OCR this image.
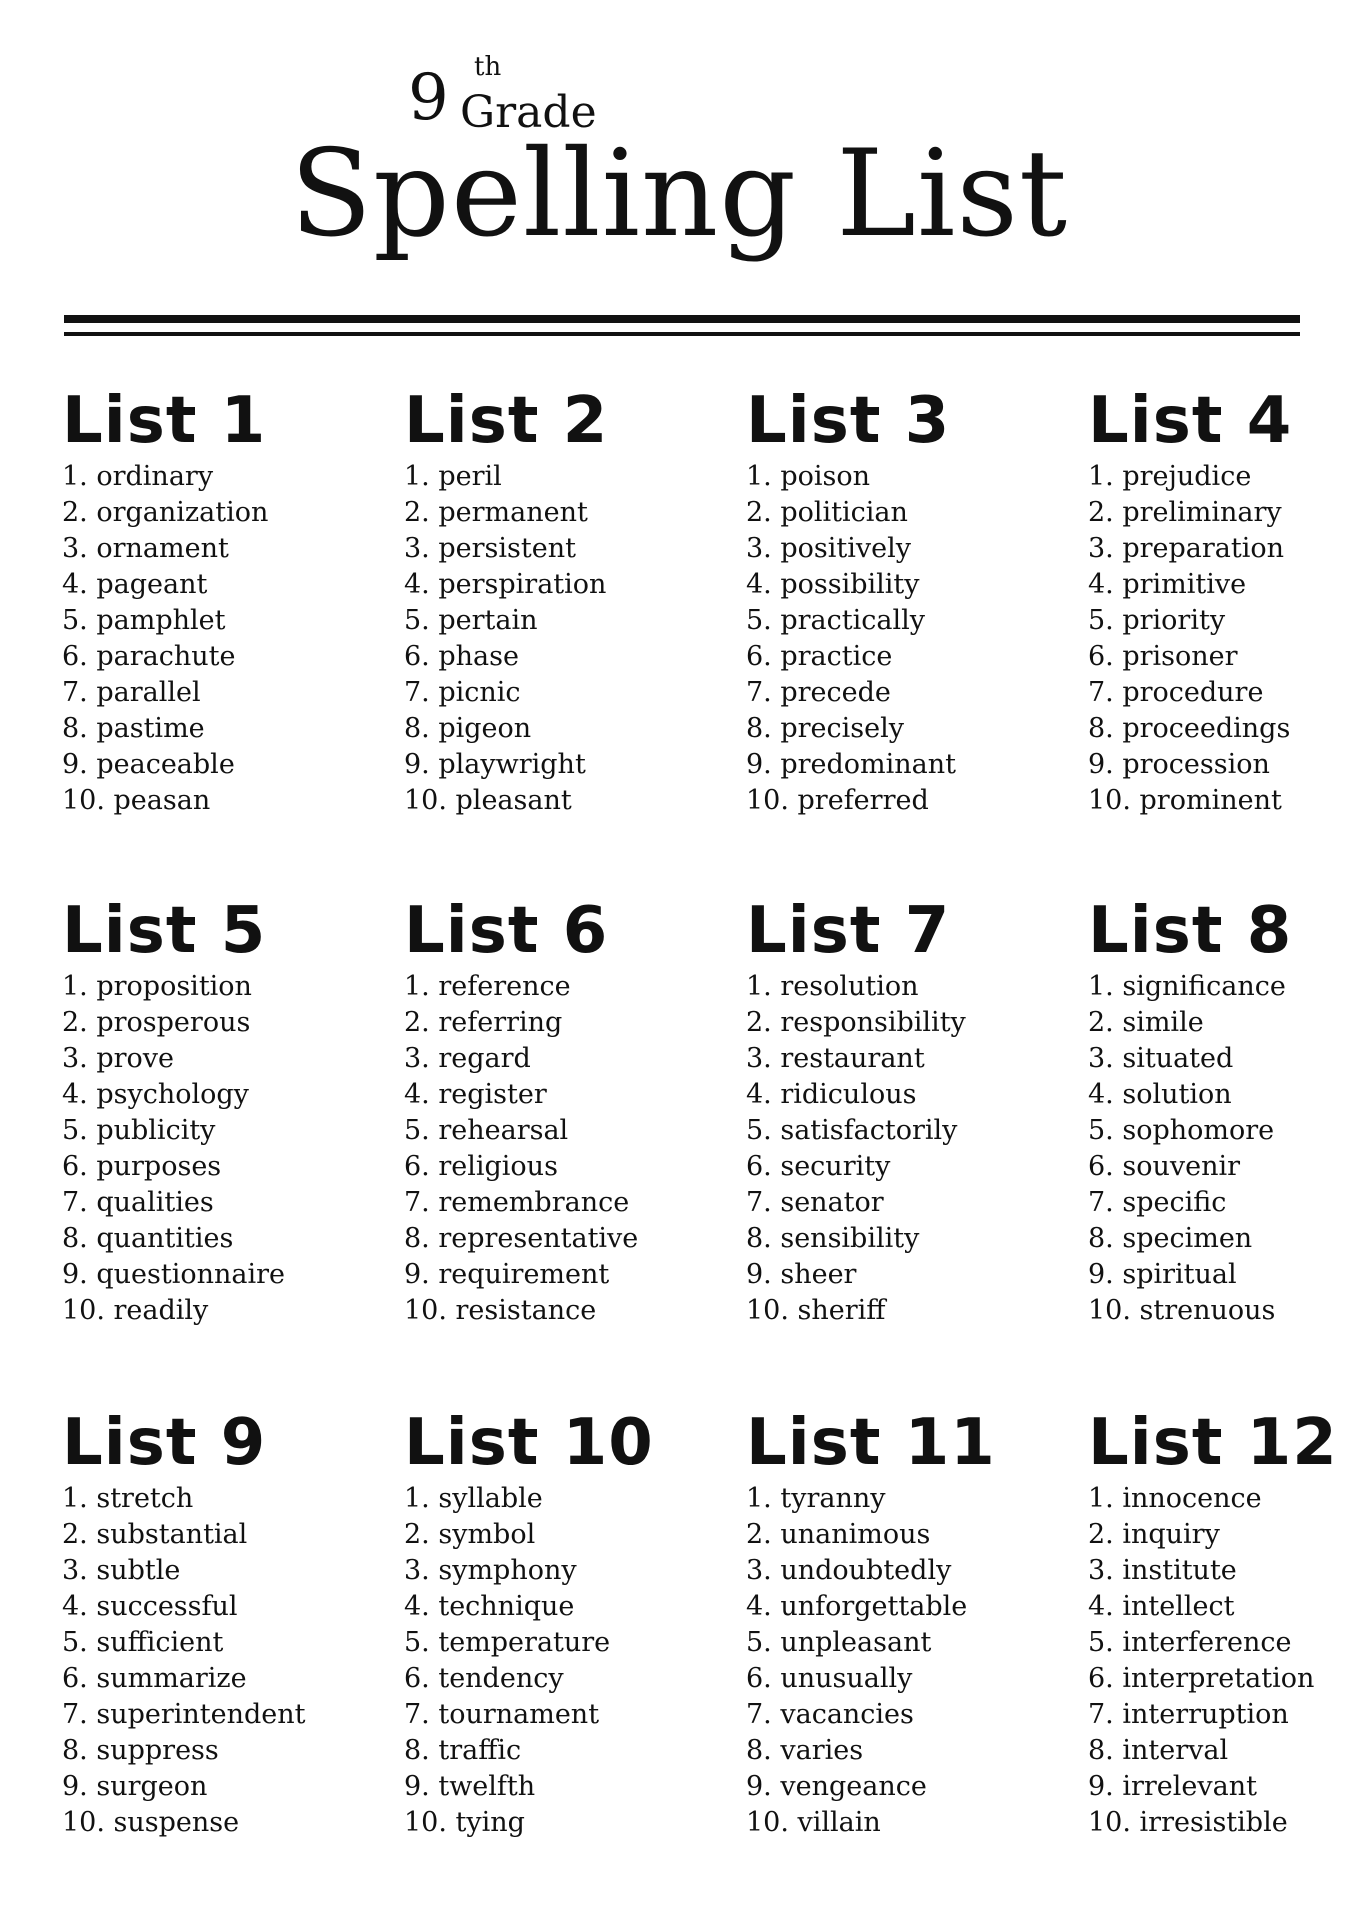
9 th
Grade
Spelling List
List 1
1. ordinary
2. organization
3. ornament
4. pageant
5. pamphlet
6. parachute
7. parallel
8. pastime
9. peaceable
10. peasan
List 2
1. peril
2. permanent
3. persistent
4. perspiration
5. pertain
6. phase
7. picnic
8. pigeon
9. playwright
10. pleasant
List 3
1. poison
2. politician
3. positively
4. possibility
5. practically
6. practice
7. precede
8. precisely
9. predominant
10. preferred
List 4
1. prejudice
2. preliminary
3. preparation
4. primitive
5. priority
6. prisoner
7. procedure
8. proceedings
9. procession
10. prominent
List 5
1. proposition
2. prosperous
3. prove
4. psychology
5. publicity
6. purposes
7. qualities
8. quantities
9. questionnaire
10. readily
List 6
1. reference
2. referring
3. regard
4. register
5. rehearsal
6. religious
7. remembrance
8. representative
9. requirement
10. resistance
List 7
1. resolution
2. responsibility
3. restaurant
4. ridiculous
5. satisfactorily
6. security
7. senator
8. sensibility
9. sheer
10. sheriff
List 8
1. significance
2. simile
3. situated
4. solution
5. sophomore
6. souvenir
7. specific
8. specimen
9. spiritual
10. strenuous
List 9
1. stretch
2. substantial
3. subtle
4. successful
5. sufficient
6. summarize
7. superintendent
8. suppress
9. surgeon
10. suspense
List 10
1. syllable
2. symbol
3. symphony
4. technique
5. temperature
6. tendency
7. tournament
8. traffic
9. twelfth
10. tying
List 11
1. tyranny
2. unanimous
3. undoubtedly
4. unforgettable
5. unpleasant
6. unusually
7. vacancies
8. varies
9. vengeance
10. villain
List 12
1. innocence
2. inquiry
3. institute
4. intellect
5. interference
6. interpretation
7. interruption
8. interval
9. irrelevant
10. irresistible
